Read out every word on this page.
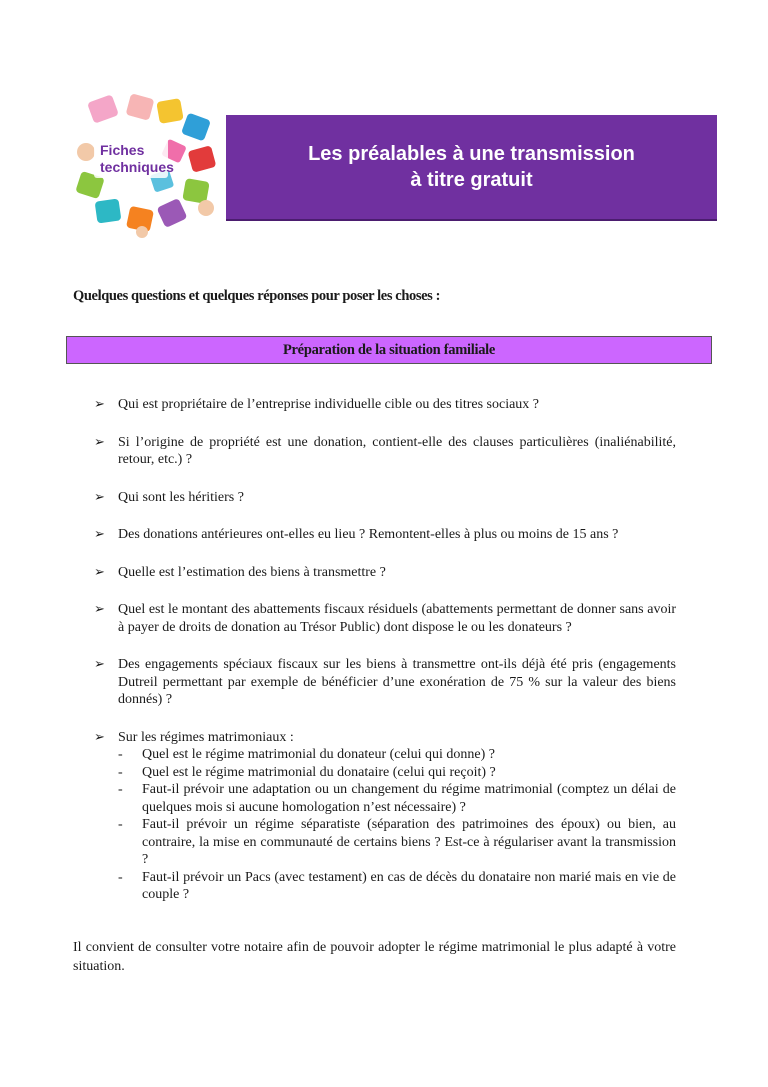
Fiches
techniques
Les préalables à une transmission
à titre gratuit
Quelques questions et quelques réponses pour poser les choses :
Préparation de la situation familiale
➢ Qui est propriétaire de l’entreprise individuelle cible ou des titres sociaux ?
➢ Si l’origine de propriété est une donation, contient-elle des clauses particulières (inaliénabilité, retour, etc.) ?
➢ Qui sont les héritiers ?
➢ Des donations antérieures ont-elles eu lieu ? Remontent-elles à plus ou moins de 15 ans ?
➢ Quelle est l’estimation des biens à transmettre ?
➢ Quel est le montant des abattements fiscaux résiduels (abattements permettant de donner sans avoir à payer de droits de donation au Trésor Public) dont dispose le ou les donateurs ?
➢ Des engagements spéciaux fiscaux sur les biens à transmettre ont-ils déjà été pris (engagements Dutreil permettant par exemple de bénéficier d’une exonération de 75 % sur la valeur des biens donnés) ?
➢ Sur les régimes matrimoniaux :
- Quel est le régime matrimonial du donateur (celui qui donne) ?
- Quel est le régime matrimonial du donataire (celui qui reçoit) ?
- Faut-il prévoir une adaptation ou un changement du régime matrimonial (comptez un délai de quelques mois si aucune homologation n’est nécessaire) ?
- Faut-il prévoir un régime séparatiste (séparation des patrimoines des époux) ou bien, au contraire, la mise en communauté de certains biens ? Est-ce à régulariser avant la transmission ?
- Faut-il prévoir un Pacs (avec testament) en cas de décès du donataire non marié mais en vie de couple ?
Il convient de consulter votre notaire afin de pouvoir adopter le régime matrimonial le plus adapté à votre situation.
